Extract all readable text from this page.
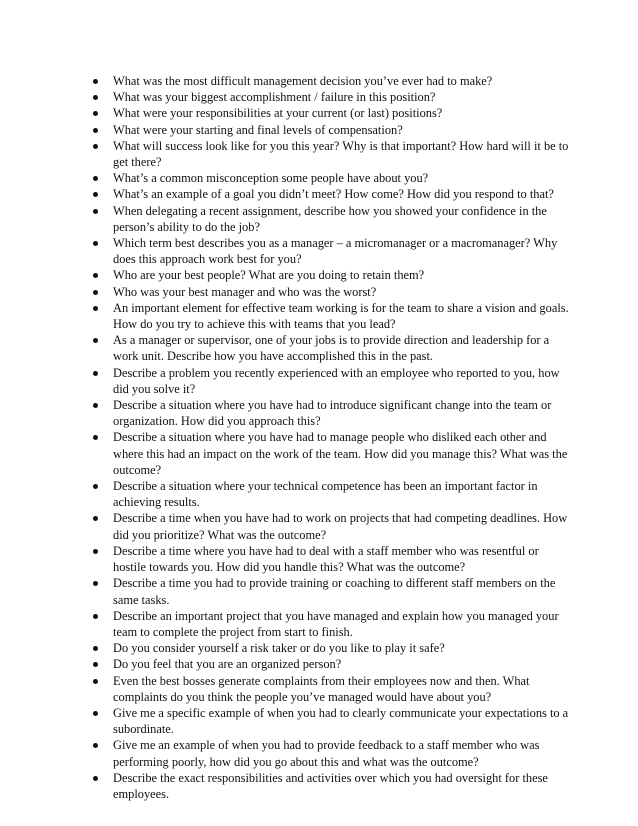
What was the most difficult management decision you’ve ever had to make?
What was your biggest accomplishment / failure in this position?
What were your responsibilities at your current (or last) positions?
What were your starting and final levels of compensation?
What will success look like for you this year? Why is that important? How hard will it be to get there?
What’s a common misconception some people have about you?
What’s an example of a goal you didn’t meet? How come? How did you respond to that?
When delegating a recent assignment, describe how you showed your confidence in the person’s ability to do the job?
Which term best describes you as a manager – a micromanager or a macromanager? Why does this approach work best for you?
Who are your best people? What are you doing to retain them?
Who was your best manager and who was the worst?
An important element for effective team working is for the team to share a vision and goals. How do you try to achieve this with teams that you lead?
As a manager or supervisor, one of your jobs is to provide direction and leadership for a work unit. Describe how you have accomplished this in the past.
Describe a problem you recently experienced with an employee who reported to you, how did you solve it?
Describe a situation where you have had to introduce significant change into the team or organization. How did you approach this?
Describe a situation where you have had to manage people who disliked each other and where this had an impact on the work of the team. How did you manage this? What was the outcome?
Describe a situation where your technical competence has been an important factor in achieving results.
Describe a time when you have had to work on projects that had competing deadlines. How did you prioritize? What was the outcome?
Describe a time where you have had to deal with a staff member who was resentful or hostile towards you. How did you handle this? What was the outcome?
Describe a time you had to provide training or coaching to different staff members on the same tasks.
Describe an important project that you have managed and explain how you managed your team to complete the project from start to finish.
Do you consider yourself a risk taker or do you like to play it safe?
Do you feel that you are an organized person?
Even the best bosses generate complaints from their employees now and then. What complaints do you think the people you’ve managed would have about you?
Give me a specific example of when you had to clearly communicate your expectations to a subordinate.
Give me an example of when you had to provide feedback to a staff member who was performing poorly, how did you go about this and what was the outcome?
Describe the exact responsibilities and activities over which you had oversight for these employees.
